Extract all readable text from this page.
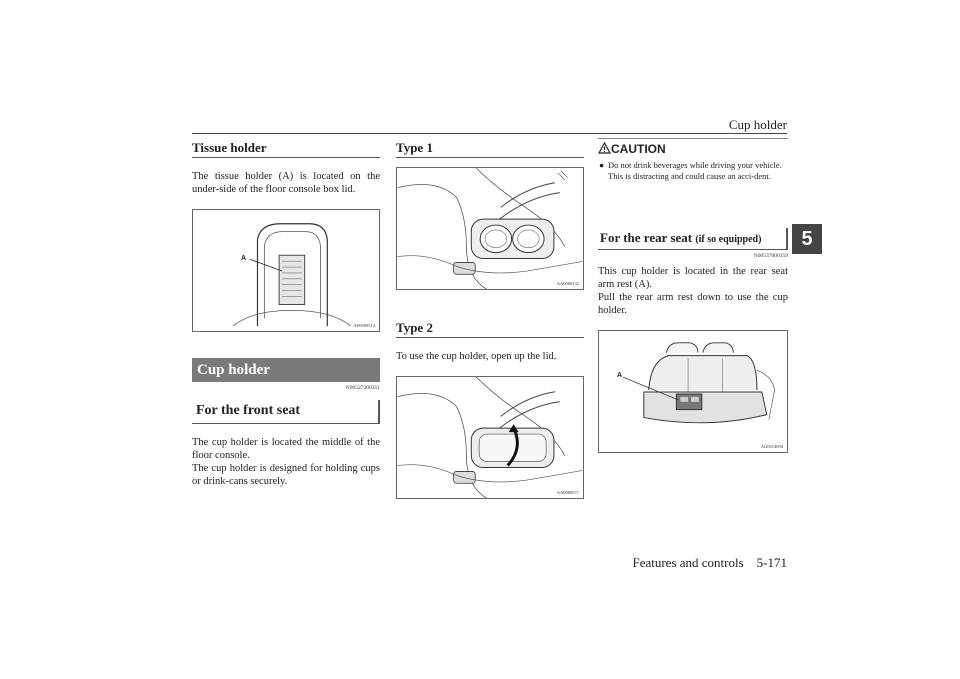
Cup holder
5
Tissue holder
The tissue holder (A) is located on the under-side of the floor console box lid.
A
AF0009514
Cup holder
N00527300351
For the front seat
The cup holder is located the middle of the floor console.
The cup holder is designed for holding cups or drink-cans securely.
Type 1
AA0068132
Type 2
To use the cup holder, open up the lid.
AA0080071
CAUTION
● Do not drink beverages while driving your vehicle. This is distracting and could cause an acci-dent.
For the rear seat (if so equipped)
N00537000159
This cup holder is located in the rear seat arm rest (A).
Pull the rear arm rest down to use the cup holder.
A
AG0014094
Features and controls    5-171
